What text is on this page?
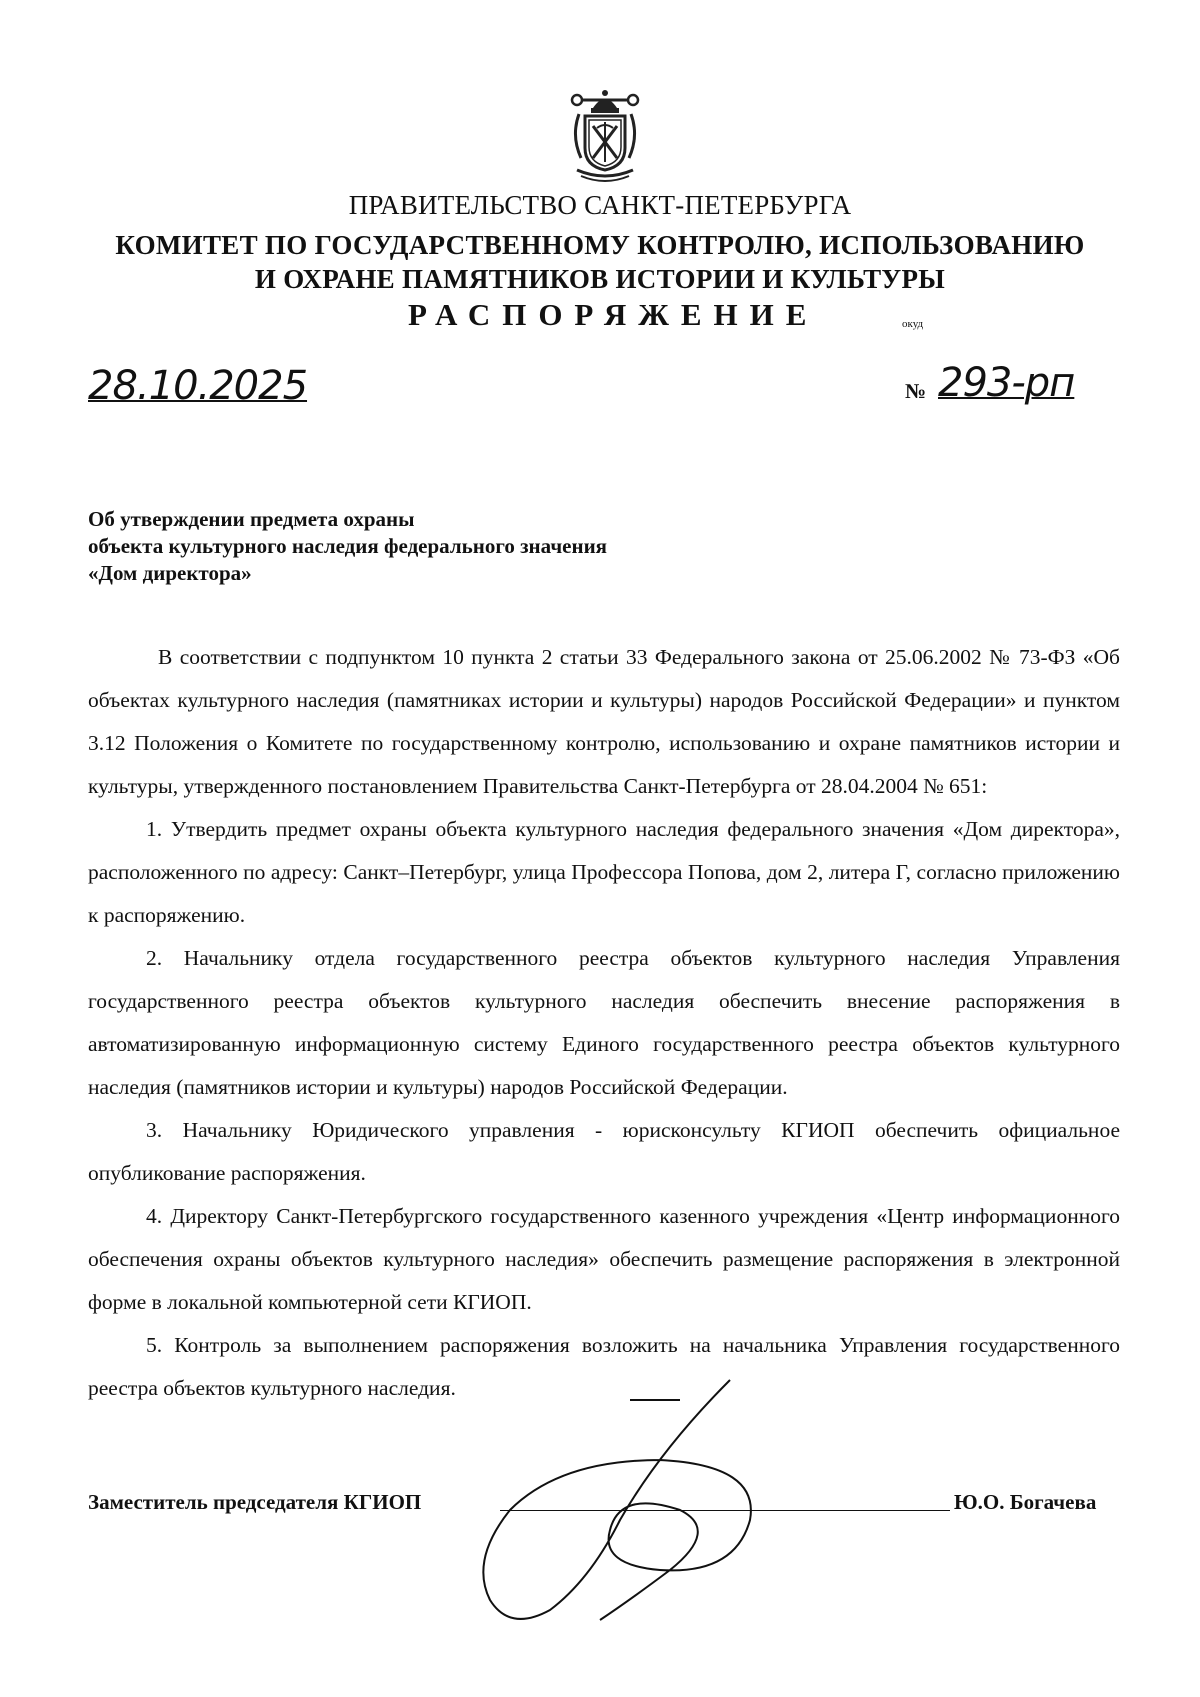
ПРАВИТЕЛЬСТВО САНКТ-ПЕТЕРБУРГА
КОМИТЕТ ПО ГОСУДАРСТВЕННОМУ КОНТРОЛЮ, ИСПОЛЬЗОВАНИЮ
И ОХРАНЕ ПАМЯТНИКОВ ИСТОРИИ И КУЛЬТУРЫ
РАСПОРЯЖЕНИЕ	окуд
28.10.2025	№ 293-рп
Об утверждении предмета охраны
объекта культурного наследия федерального значения
«Дом директора»

В соответствии с подпунктом 10 пункта 2 статьи 33 Федерального закона от 25.06.2002 № 73-ФЗ «Об объектах культурного наследия (памятниках истории и культуры) народов Российской Федерации» и пунктом 3.12 Положения о Комитете по государственному контролю, использованию и охране памятников истории и культуры, утвержденного постановлением Правительства Санкт-Петербурга от 28.04.2004 № 651:

1. Утвердить предмет охраны объекта культурного наследия федерального значения «Дом директора», расположенного по адресу: Санкт–Петербург, улица Профессора Попова, дом 2, литера Г, согласно приложению к распоряжению.

2. Начальнику отдела государственного реестра объектов культурного наследия Управления государственного реестра объектов культурного наследия обеспечить внесение распоряжения в автоматизированную информационную систему Единого государственного реестра объектов культурного наследия (памятников истории и культуры) народов Российской Федерации.

3. Начальнику Юридического управления - юрисконсульту КГИОП обеспечить официальное опубликование распоряжения.

4. Директору Санкт-Петербургского государственного казенного учреждения «Центр информационного обеспечения охраны объектов культурного наследия» обеспечить размещение распоряжения в электронной форме в локальной компьютерной сети КГИОП.

5. Контроль за выполнением распоряжения возложить на начальника Управления государственного реестра объектов культурного наследия.

Заместитель председателя КГИОП	Ю.О. Богачева
